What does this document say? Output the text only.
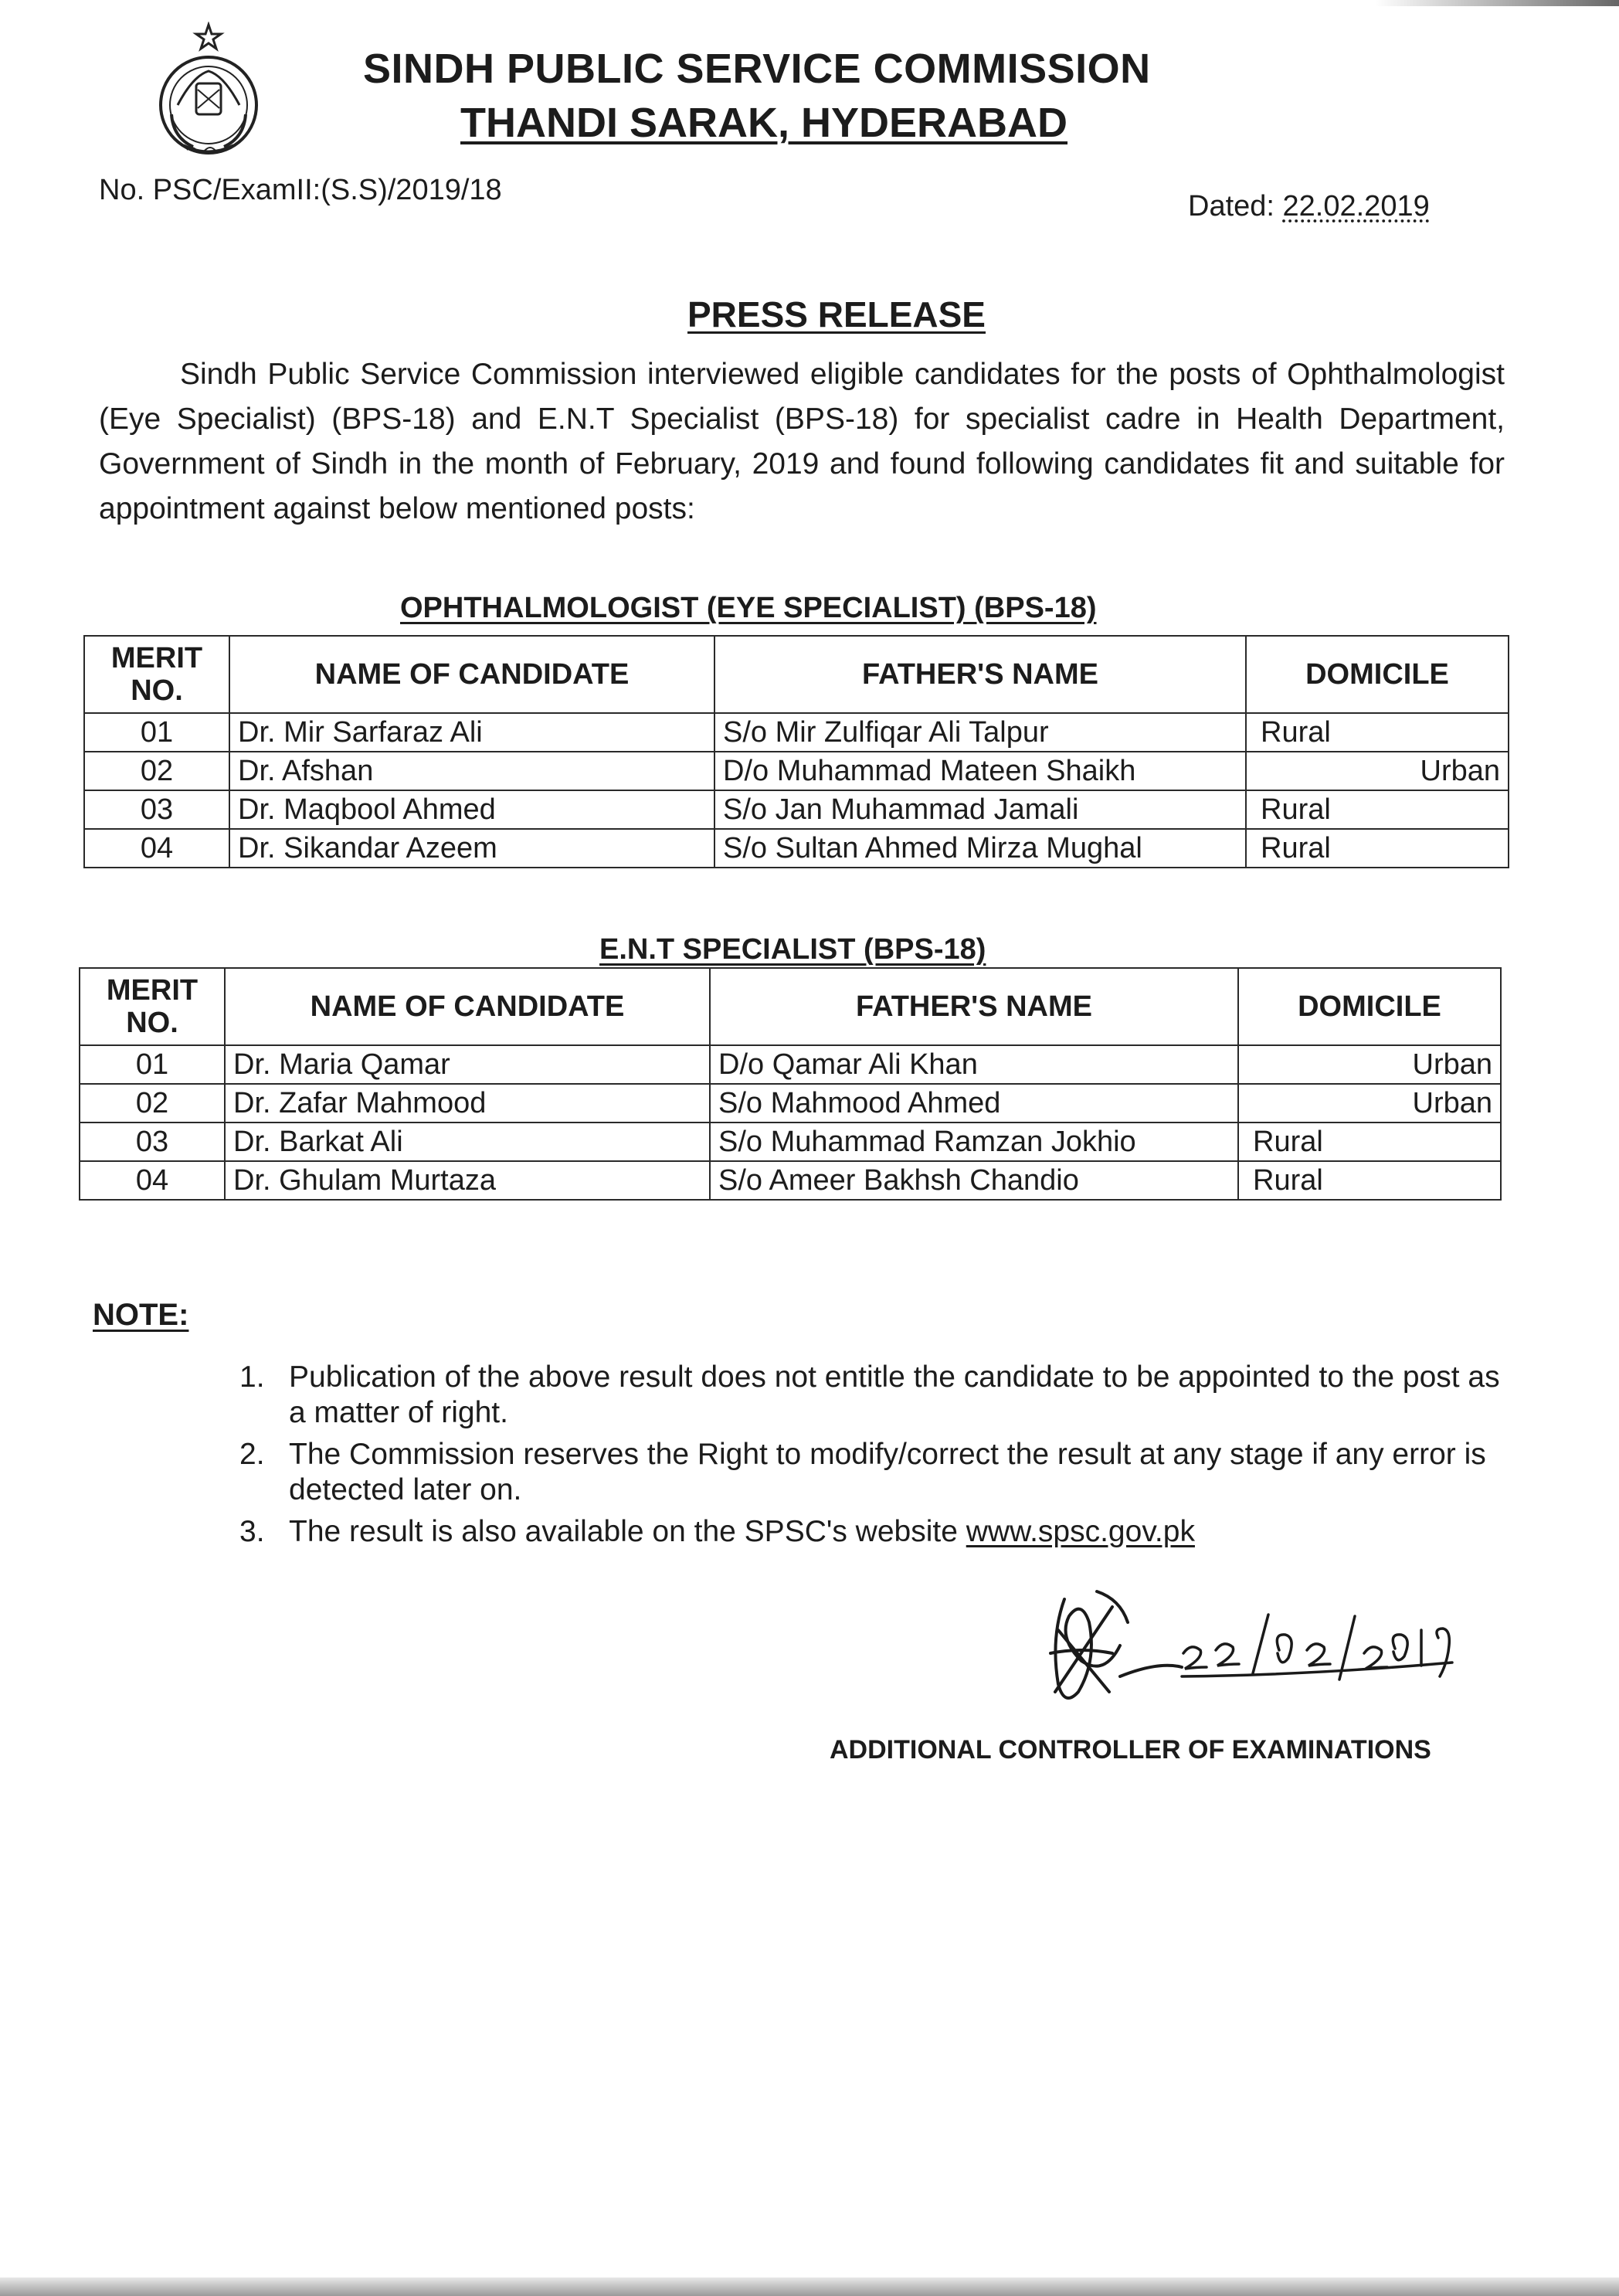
SINDH PUBLIC SERVICE COMMISSION
THANDI SARAK, HYDERABAD
No. PSC/ExamII:(S.S)/2019/18	Dated: 22.02.2019
PRESS RELEASE
Sindh Public Service Commission interviewed eligible candidates for the posts of Ophthalmologist (Eye Specialist) (BPS-18) and E.N.T Specialist (BPS-18) for specialist cadre in Health Department, Government of Sindh in the month of February, 2019 and found following candidates fit and suitable for appointment against below mentioned posts:
OPHTHALMOLOGIST (EYE SPECIALIST) (BPS-18)
MERIT
NO.	NAME OF CANDIDATE	FATHER'S NAME	DOMICILE
01	Dr. Mir Sarfaraz Ali	S/o Mir Zulfiqar Ali Talpur	Rural
02	Dr. Afshan	D/o Muhammad Mateen Shaikh	Urban
03	Dr. Maqbool Ahmed	S/o Jan Muhammad Jamali	Rural
04	Dr. Sikandar Azeem	S/o Sultan Ahmed Mirza Mughal	Rural
E.N.T SPECIALIST (BPS-18)
MERIT
NO.	NAME OF CANDIDATE	FATHER'S NAME	DOMICILE
01	Dr. Maria Qamar	D/o Qamar Ali Khan	Urban
02	Dr. Zafar Mahmood	S/o Mahmood Ahmed	Urban
03	Dr. Barkat Ali	S/o Muhammad Ramzan Jokhio	Rural
04	Dr. Ghulam Murtaza	S/o Ameer Bakhsh Chandio	Rural
NOTE:
1. Publication of the above result does not entitle the candidate to be appointed to the post as a matter of right.
2. The Commission reserves the Right to modify/correct the result at any stage if any error is detected later on.
3. The result is also available on the SPSC's website www.spsc.gov.pk
ADDITIONAL CONTROLLER OF EXAMINATIONS
